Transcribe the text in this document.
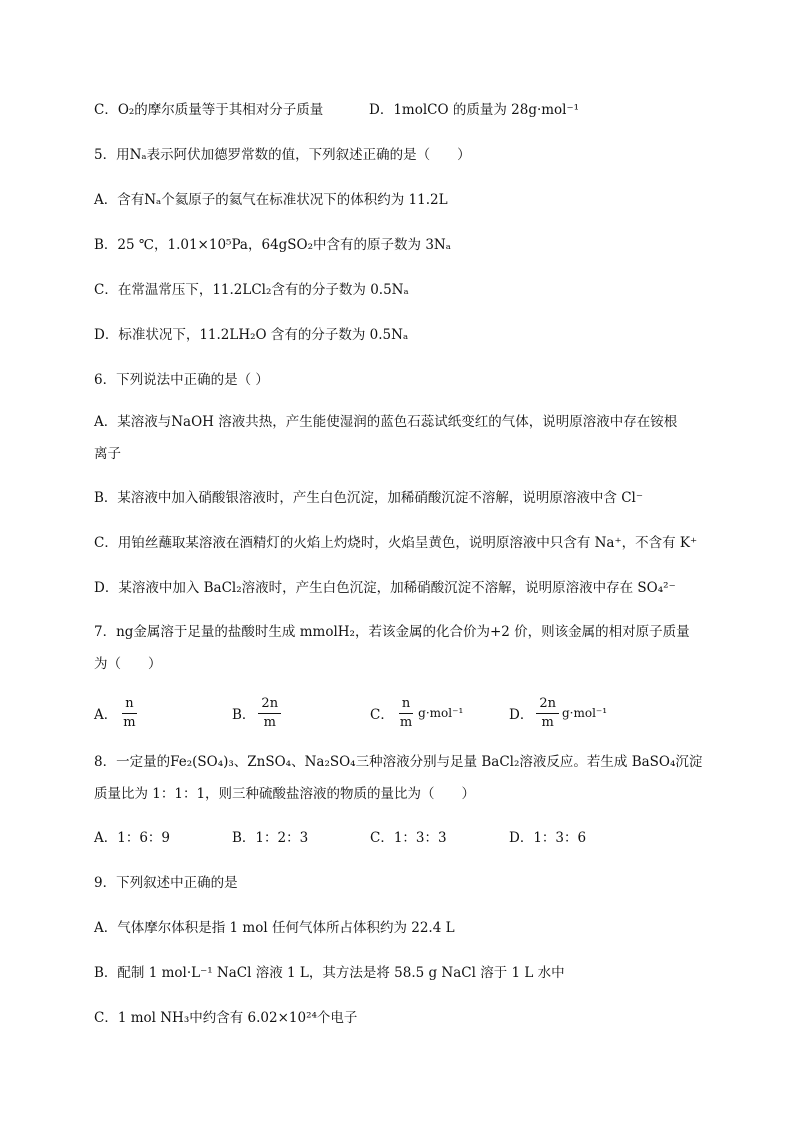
C．O₂的摩尔质量等于其相对分子质量	D．1molCO 的质量为 28g·mol⁻¹
5．用Nₐ表示阿伏加德罗常数的值，下列叙述正确的是（　　）
A．含有Nₐ个氦原子的氦气在标准状况下的体积约为 11.2L
B．25 ℃，1.01×10⁵Pa，64gSO₂中含有的原子数为 3Nₐ
C．在常温常压下，11.2LCl₂含有的分子数为 0.5Nₐ
D．标准状况下，11.2LH₂O 含有的分子数为 0.5Nₐ
6．下列说法中正确的是（ ）
A．某溶液与NaOH 溶液共热，产生能使湿润的蓝色石蕊试纸变红的气体，说明原溶液中存在铵根
离子
B．某溶液中加入硝酸银溶液时，产生白色沉淀，加稀硝酸沉淀不溶解，说明原溶液中含 Cl⁻
C．用铂丝蘸取某溶液在酒精灯的火焰上灼烧时，火焰呈黄色，说明原溶液中只含有 Na⁺，不含有 K⁺
D．某溶液中加入 BaCl₂溶液时，产生白色沉淀，加稀硝酸沉淀不溶解，说明原溶液中存在 SO₄²⁻
7．ng金属溶于足量的盐酸时生成 mmolH₂，若该金属的化合价为+2 价，则该金属的相对原子质量
为（　　）
A． $\frac{n}{m}$	B． $\frac{2n}{m}$	C． $\frac{n}{m} g\cdot mol^{-1}$	D． $\frac{2n}{m} g\cdot mol^{-1}$
8．一定量的Fe₂(SO₄)₃、ZnSO₄、Na₂SO₄三种溶液分别与足量 BaCl₂溶液反应。若生成 BaSO₄沉淀
质量比为 1：1：1，则三种硫酸盐溶液的物质的量比为（　　）
A．1：6：9	B．1：2：3	C．1：3：3	D．1：3：6
9．下列叙述中正确的是
A．气体摩尔体积是指 1 mol 任何气体所占体积约为 22.4 L
B．配制 1 mol·L⁻¹ NaCl 溶液 1 L，其方法是将 58.5 g NaCl 溶于 1 L 水中
C．1 mol NH₃中约含有 6.02×10²⁴个电子
